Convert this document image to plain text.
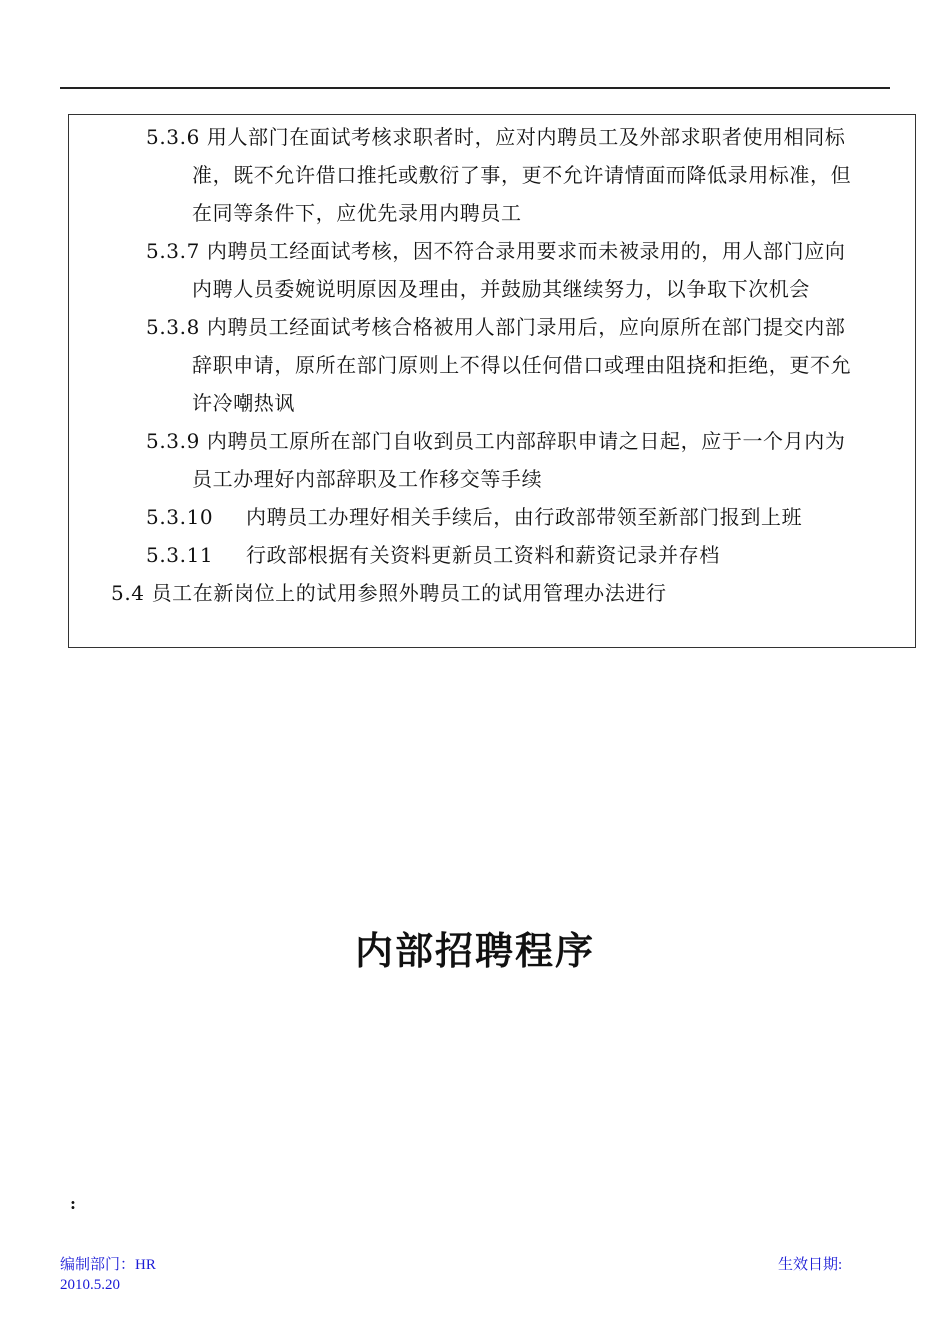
5.3.6 用人部门在面试考核求职者时，应对内聘员工及外部求职者使用相同标
准，既不允许借口推托或敷衍了事，更不允许请情面而降低录用标准，但
在同等条件下，应优先录用内聘员工
5.3.7 内聘员工经面试考核，因不符合录用要求而未被录用的，用人部门应向
内聘人员委婉说明原因及理由，并鼓励其继续努力，以争取下次机会
5.3.8 内聘员工经面试考核合格被用人部门录用后，应向原所在部门提交内部
辞职申请，原所在部门原则上不得以任何借口或理由阻挠和拒绝，更不允
许冷嘲热讽
5.3.9 内聘员工原所在部门自收到员工内部辞职申请之日起，应于一个月内为
员工办理好内部辞职及工作移交等手续
5.3.10 内聘员工办理好相关手续后，由行政部带领至新部门报到上班
5.3.11 行政部根据有关资料更新员工资料和薪资记录并存档
5.4 员工在新岗位上的试用参照外聘员工的试用管理办法进行
内部招聘程序
:
编制部门：HR
2010.5.20
生效日期:
